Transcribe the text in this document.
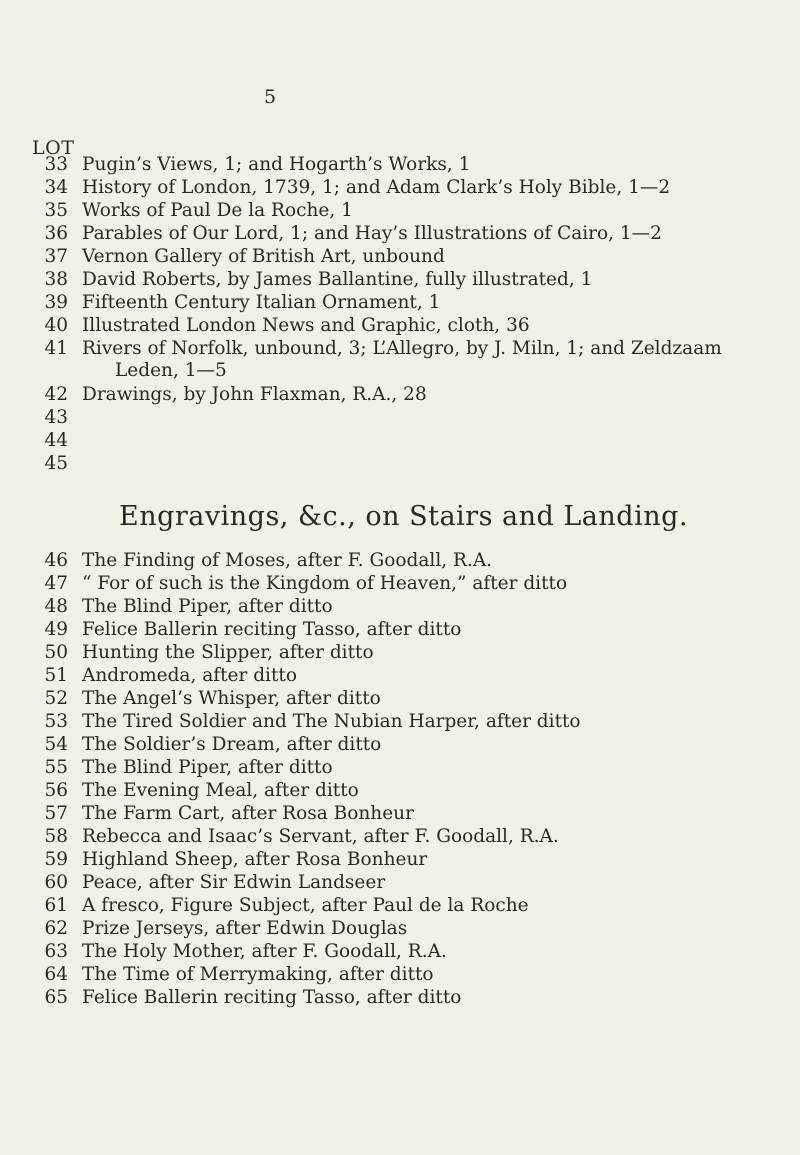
5
LOT
33 Pugin’s Views, 1; and Hogarth’s Works, 1
34 History of London, 1739, 1; and Adam Clark’s Holy Bible, 1—2
35 Works of Paul De la Roche, 1
36 Parables of Our Lord, 1; and Hay’s Illustrations of Cairo, 1—2
37 Vernon Gallery of British Art, unbound
38 David Roberts, by James Ballantine, fully illustrated, 1
39 Fifteenth Century Italian Ornament, 1
40 Illustrated London News and Graphic, cloth, 36
41 Rivers of Norfolk, unbound, 3; L’Allegro, by J. Miln, 1; and Zeldzaam
42 Drawings, by John Flaxman, R.A., 28
43
44
45
Leden, 1—5
Engravings, &c., on Stairs and Landing.
46 The Finding of Moses, after F. Goodall, R.A.
47 “ For of such is the Kingdom of Heaven,” after ditto
48 The Blind Piper, after ditto
49 Felice Ballerin reciting Tasso, after ditto
50 Hunting the Slipper, after ditto
51 Andromeda, after ditto
52 The Angel’s Whisper, after ditto
53 The Tired Soldier and The Nubian Harper, after ditto
54 The Soldier’s Dream, after ditto
55 The Blind Piper, after ditto
56 The Evening Meal, after ditto
57 The Farm Cart, after Rosa Bonheur
58 Rebecca and Isaac’s Servant, after F. Goodall, R.A.
59 Highland Sheep, after Rosa Bonheur
60 Peace, after Sir Edwin Landseer
61 A fresco, Figure Subject, after Paul de la Roche
62 Prize Jerseys, after Edwin Douglas
63 The Holy Mother, after F. Goodall, R.A.
64 The Time of Merrymaking, after ditto
65 Felice Ballerin reciting Tasso, after ditto
